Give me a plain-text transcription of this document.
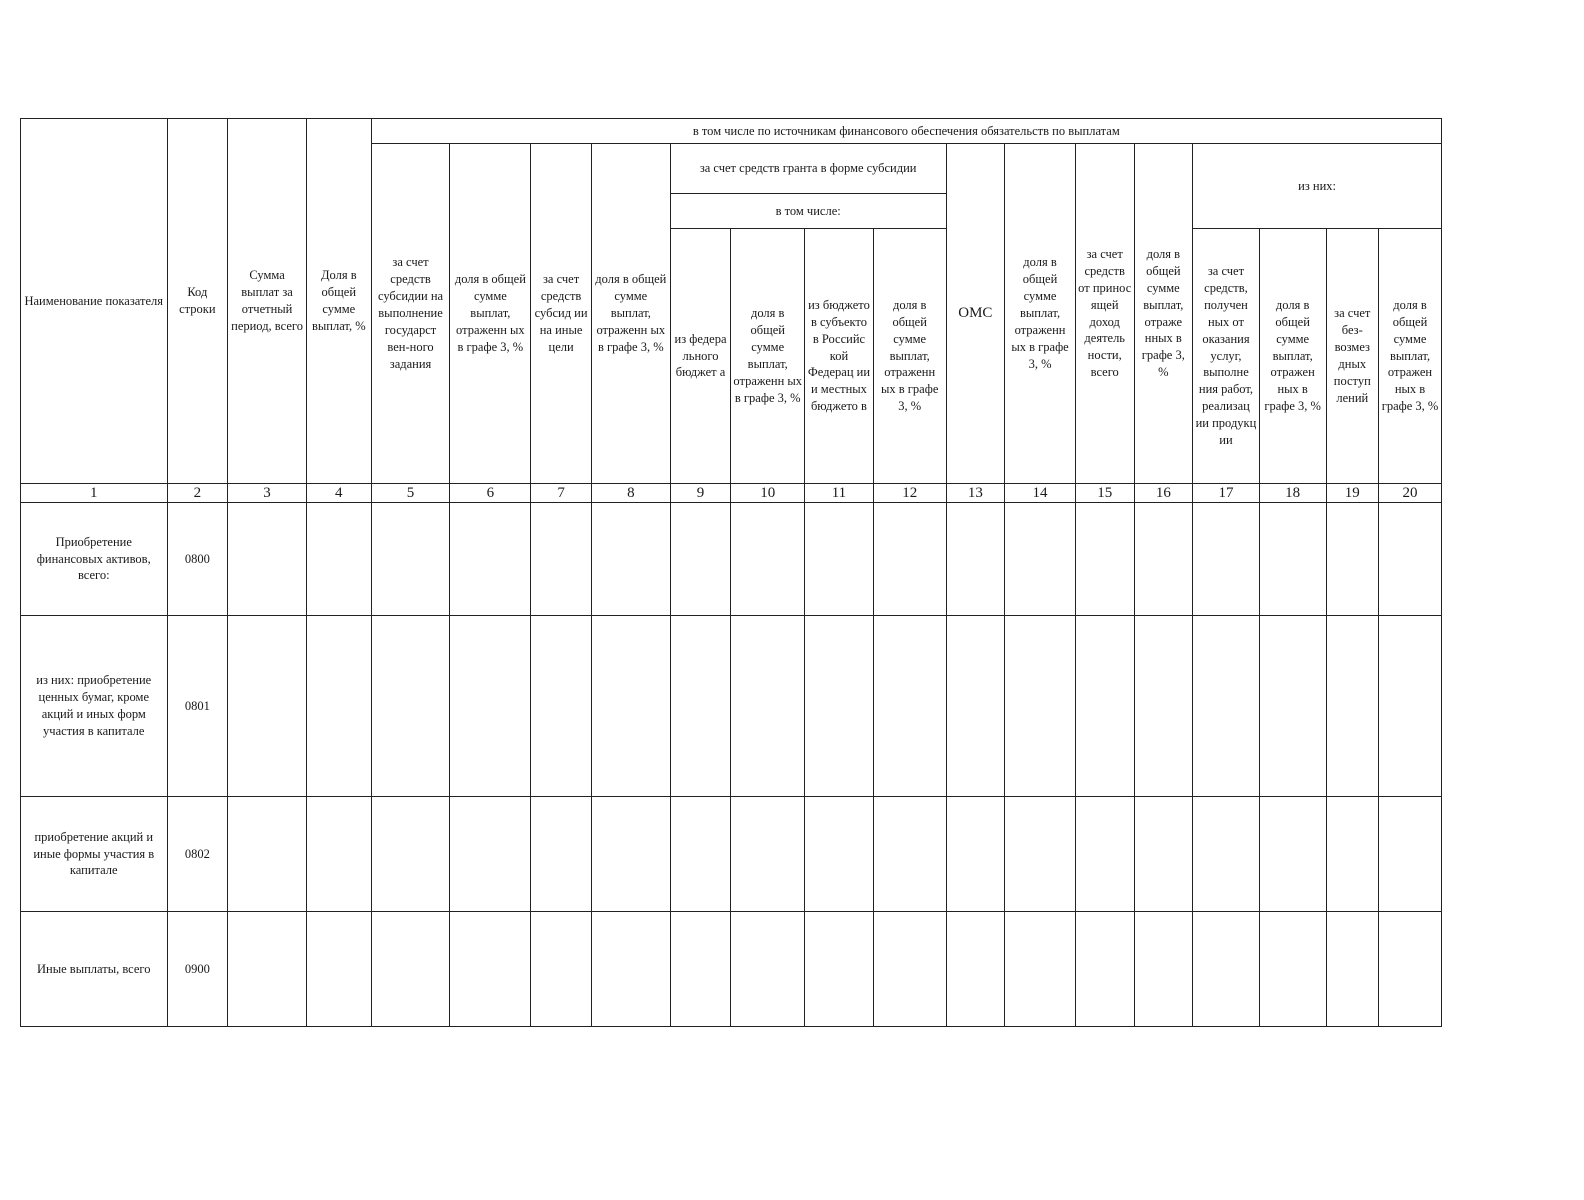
Наименование показателя	Код строки	Сумма выплат за отчетный период, всего	Доля в общей сумме выплат, %	в том числе по источникам финансового обеспечения обязательств по выплатам															
				за счет средств субсидии на выполнение государст вен-ного задания	доля в общей сумме выплат, отраженн ых в графе 3, %	за счет средств субсид ии на иные цели	доля в общей сумме выплат, отраженн ых в графе 3, %	за счет средств гранта в форме субсидии				ОМС	доля в общей сумме выплат, отраженн ых в графе 3, %	за счет средств от принос ящей доход деятель ности, всего	доля в общей сумме выплат, отраже нных в графе 3, %	из них:			
								в том числе:											
								из федера льного бюджет а	доля в общей сумме выплат, отраженн ых в графе 3, %	из бюджето в субъекто в Российс кой Федерац ии и местных бюджето в	доля в общей сумме выплат, отраженн ых в графе 3, %					за счет средств, получен ных от оказания услуг, выполне ния работ, реализац ии продукц ии	доля в общей сумме выплат, отражен ных в графе 3, %	за счет без- возмез дных поступ лений	доля в общей сумме выплат, отражен ных в графе 3, %
1	2	3	4	5	6	7	8	9	10	11	12	13	14	15	16	17	18	19	20
Приобретение финансовых активов, всего:	0800																		
из них: приобретение ценных бумаг, кроме акций и иных форм участия в капитале	0801																		
приобретение акций и иные формы участия в капитале	0802																		
Иные выплаты, всего	0900																		
